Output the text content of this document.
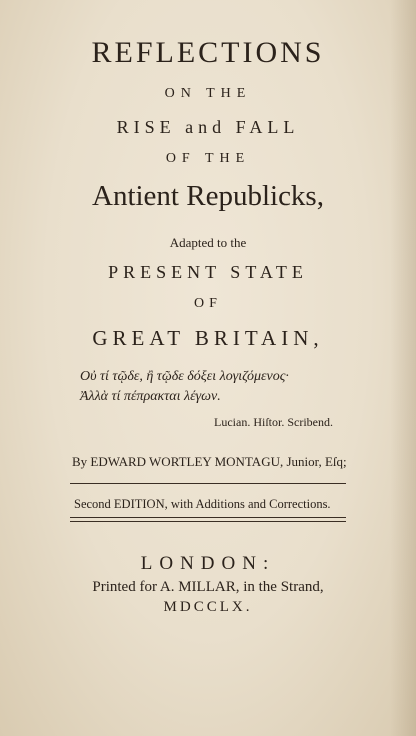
REFLECTIONS
ON THE
RISE and FALL
OF THE
Antient Republicks,
Adapted to the
PRESENT STATE
OF
GREAT BRITAIN,
Οὐ τί τῷδε, ἢ τῷδε δόξει λογιζόμενος·
Ἀλλὰ τί πέπρακται λέγων.
Lucian. Hiſtor. Scribend.
By EDWARD WORTLEY MONTAGU, Junior, Eſq;
Second EDITION, with Additions and Corrections.
LONDON:
Printed for A. MILLAR, in the Strand,
MDCCLX.
